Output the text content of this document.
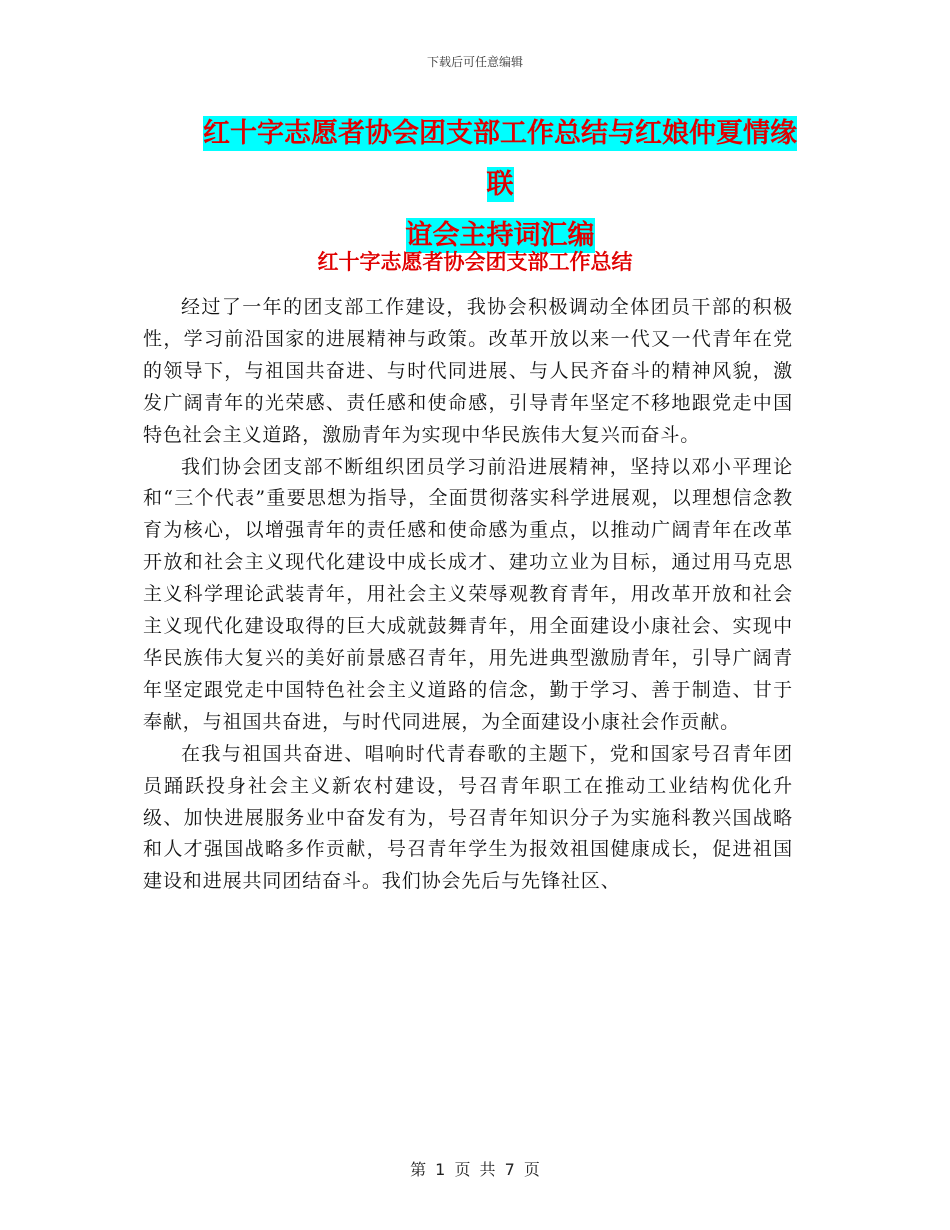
下载后可任意编辑
红十字志愿者协会团支部工作总结与红娘仲夏情缘联
谊会主持词汇编
红十字志愿者协会团支部工作总结

经过了一年的团支部工作建设，我协会积极调动全体团员干部的积极性，学习前沿国家的进展精神与政策。改革开放以来一代又一代青年在党的领导下，与祖国共奋进、与时代同进展、与人民齐奋斗的精神风貌，激发广阔青年的光荣感、责任感和使命感，引导青年坚定不移地跟党走中国特色社会主义道路，激励青年为实现中华民族伟大复兴而奋斗。

我们协会团支部不断组织团员学习前沿进展精神，坚持以邓小平理论和“三个代表”重要思想为指导，全面贯彻落实科学进展观，以理想信念教育为核心，以增强青年的责任感和使命感为重点，以推动广阔青年在改革开放和社会主义现代化建设中成长成才、建功立业为目标，通过用马克思主义科学理论武装青年，用社会主义荣辱观教育青年，用改革开放和社会主义现代化建设取得的巨大成就鼓舞青年，用全面建设小康社会、实现中华民族伟大复兴的美好前景感召青年，用先进典型激励青年，引导广阔青年坚定跟党走中国特色社会主义道路的信念，勤于学习、善于制造、甘于奉献，与祖国共奋进，与时代同进展，为全面建设小康社会作贡献。

在我与祖国共奋进、唱响时代青春歌的主题下，党和国家号召青年团员踊跃投身社会主义新农村建设，号召青年职工在推动工业结构优化升级、加快进展服务业中奋发有为，号召青年知识分子为实施科教兴国战略和人才强国战略多作贡献，号召青年学生为报效祖国健康成长，促进祖国建设和进展共同团结奋斗。我们协会先后与先锋社区、

第 1 页 共 7 页
